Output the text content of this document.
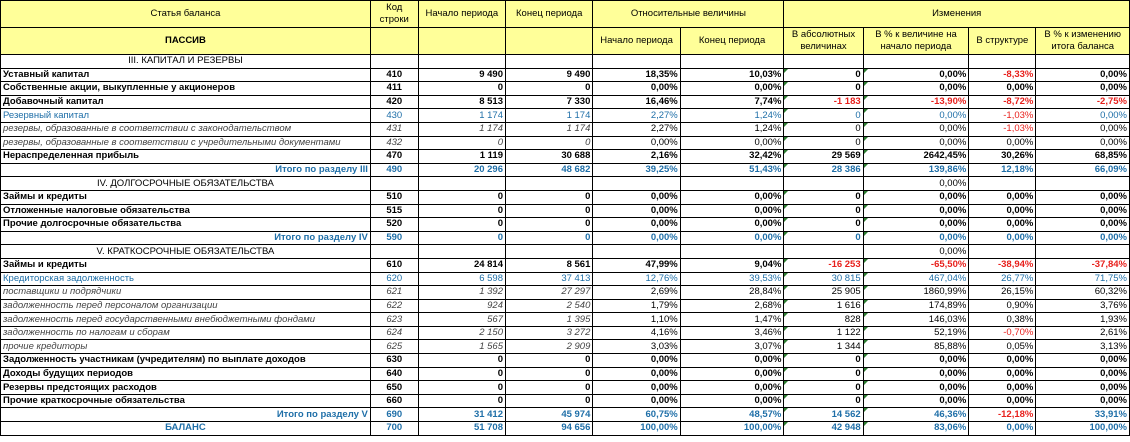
Статья баланса	Код строки	Начало периода	Конец периода	Относительные величины		Изменения			
ПАССИВ				Начало периода	Конец периода	В абсолютных величинах	В % к величине на начало периода	В структуре	В % к изменению итога баланса
III. КАПИТАЛ И РЕЗЕРВЫ									
Уставный капитал	410	9 490	9 490	18,35%	10,03%	0	0,00%	-8,33%	0,00%
Собственные акции, выкупленные у акционеров	411	0	0	0,00%	0,00%	0	0,00%	0,00%	0,00%
Добавочный капитал	420	8 513	7 330	16,46%	7,74%	-1 183	-13,90%	-8,72%	-2,75%
Резервный капитал	430	1 174	1 174	2,27%	1,24%	0	0,00%	-1,03%	0,00%
резервы, образованные в соответствии с законодательством	431	1 174	1 174	2,27%	1,24%	0	0,00%	-1,03%	0,00%
резервы, образованные в соответствии с учредительными документами	432	0	0	0,00%	0,00%	0	0,00%	0,00%	0,00%
Нераспределенная прибыль	470	1 119	30 688	2,16%	32,42%	29 569	2642,45%	30,26%	68,85%
Итого по разделу III	490	20 296	48 682	39,25%	51,43%	28 386	139,86%	12,18%	66,09%
IV. ДОЛГОСРОЧНЫЕ ОБЯЗАТЕЛЬСТВА							0,00%		
Займы и кредиты	510	0	0	0,00%	0,00%	0	0,00%	0,00%	0,00%
Отложенные налоговые обязательства	515	0	0	0,00%	0,00%	0	0,00%	0,00%	0,00%
Прочие долгосрочные обязательства	520	0	0	0,00%	0,00%	0	0,00%	0,00%	0,00%
Итого по разделу IV	590	0	0	0,00%	0,00%	0	0,00%	0,00%	0,00%
V. КРАТКОСРОЧНЫЕ ОБЯЗАТЕЛЬСТВА							0,00%		
Займы и кредиты	610	24 814	8 561	47,99%	9,04%	-16 253	-65,50%	-38,94%	-37,84%
Кредиторская задолженность	620	6 598	37 413	12,76%	39,53%	30 815	467,04%	26,77%	71,75%
поставщики и подрядчики	621	1 392	27 297	2,69%	28,84%	25 905	1860,99%	26,15%	60,32%
задолженность перед персоналом организации	622	924	2 540	1,79%	2,68%	1 616	174,89%	0,90%	3,76%
задолженность перед государственными внебюджетными фондами	623	567	1 395	1,10%	1,47%	828	146,03%	0,38%	1,93%
задолженность по налогам и сборам	624	2 150	3 272	4,16%	3,46%	1 122	52,19%	-0,70%	2,61%
прочие кредиторы	625	1 565	2 909	3,03%	3,07%	1 344	85,88%	0,05%	3,13%
Задолженность участникам (учредителям) по выплате доходов	630	0	0	0,00%	0,00%	0	0,00%	0,00%	0,00%
Доходы будущих периодов	640	0	0	0,00%	0,00%	0	0,00%	0,00%	0,00%
Резервы предстоящих расходов	650	0	0	0,00%	0,00%	0	0,00%	0,00%	0,00%
Прочие краткосрочные обязательства	660	0	0	0,00%	0,00%	0	0,00%	0,00%	0,00%
Итого по разделу V	690	31 412	45 974	60,75%	48,57%	14 562	46,36%	-12,18%	33,91%
БАЛАНС	700	51 708	94 656	100,00%	100,00%	42 948	83,06%	0,00%	100,00%
